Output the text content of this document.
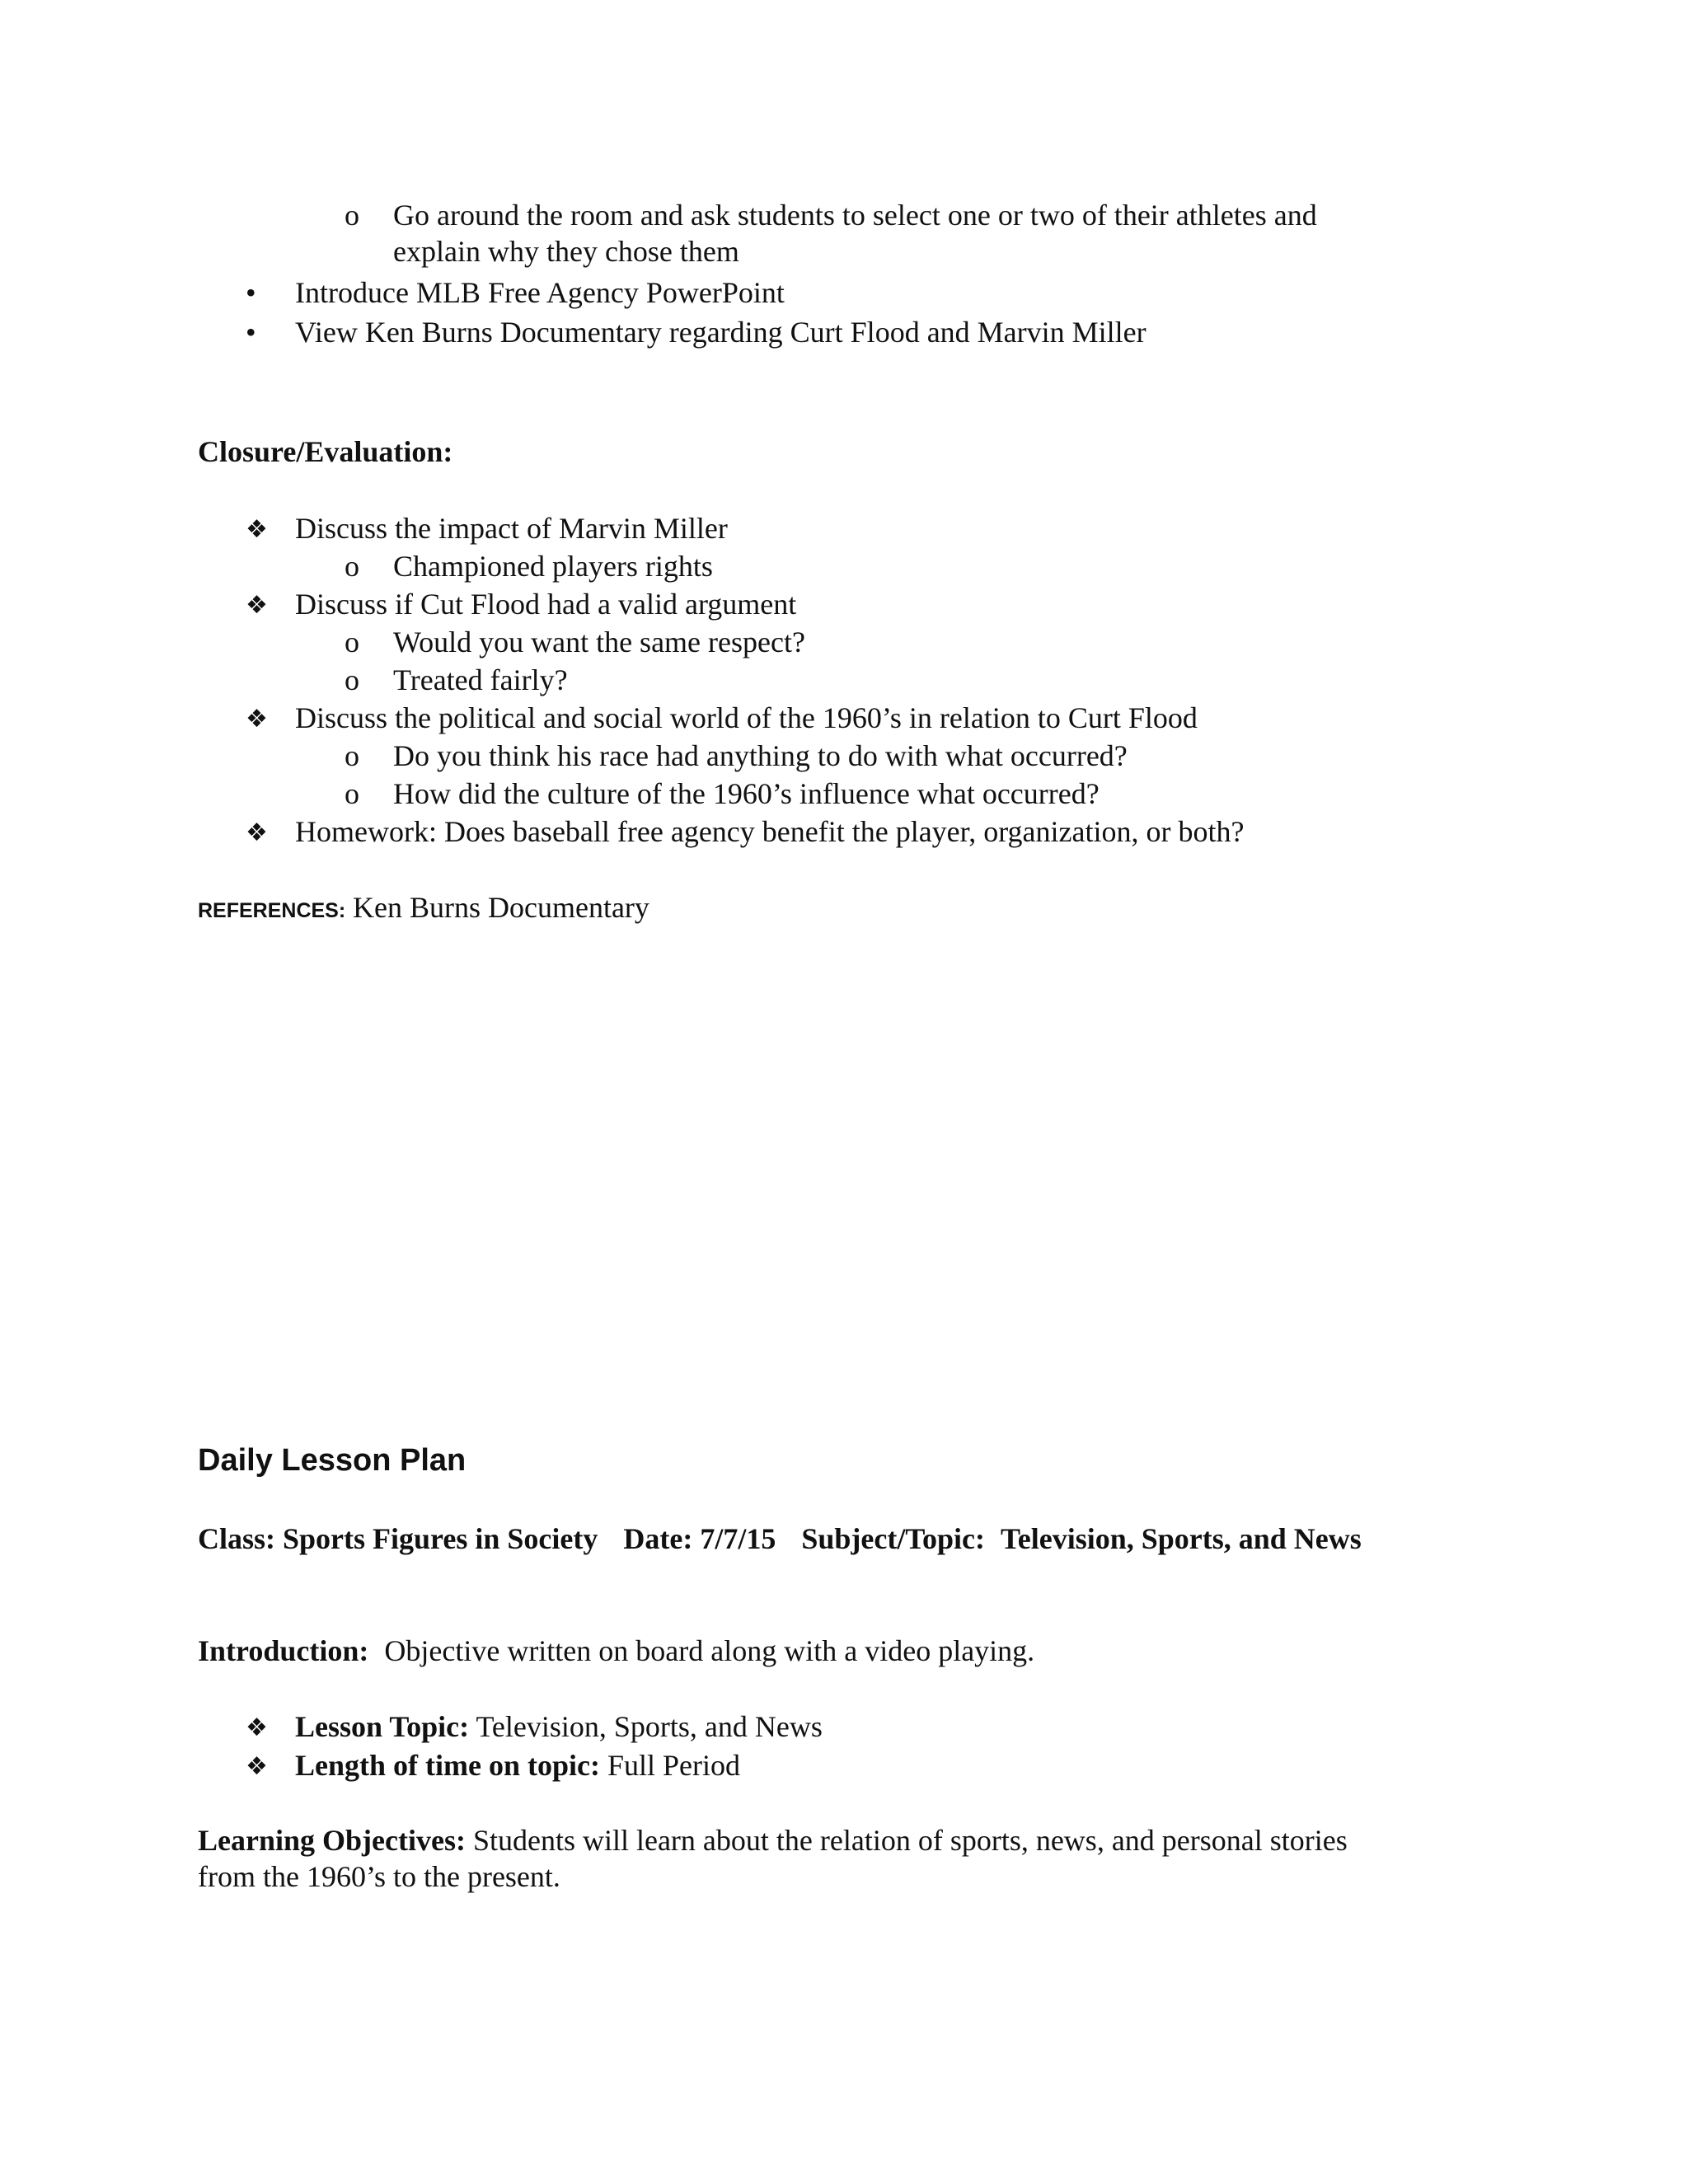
o Go around the room and ask students to select one or two of their athletes and
explain why they chose them
• Introduce MLB Free Agency PowerPoint
• View Ken Burns Documentary regarding Curt Flood and Marvin Miller
Closure/Evaluation:
❖ Discuss the impact of Marvin Miller
o Championed players rights
❖ Discuss if Cut Flood had a valid argument
o Would you want the same respect?
o Treated fairly?
❖ Discuss the political and social world of the 1960’s in relation to Curt Flood
o Do you think his race had anything to do with what occurred?
o How did the culture of the 1960’s influence what occurred?
❖ Homework: Does baseball free agency benefit the player, organization, or both?
REFERENCES: Ken Burns Documentary
Daily Lesson Plan
Class: Sports Figures in Society Date: 7/7/15 Subject/Topic: Television, Sports, and News
Introduction: Objective written on board along with a video playing.
❖ Lesson Topic: Television, Sports, and News
❖ Length of time on topic: Full Period
Learning Objectives: Students will learn about the relation of sports, news, and personal stories
from the 1960’s to the present.
